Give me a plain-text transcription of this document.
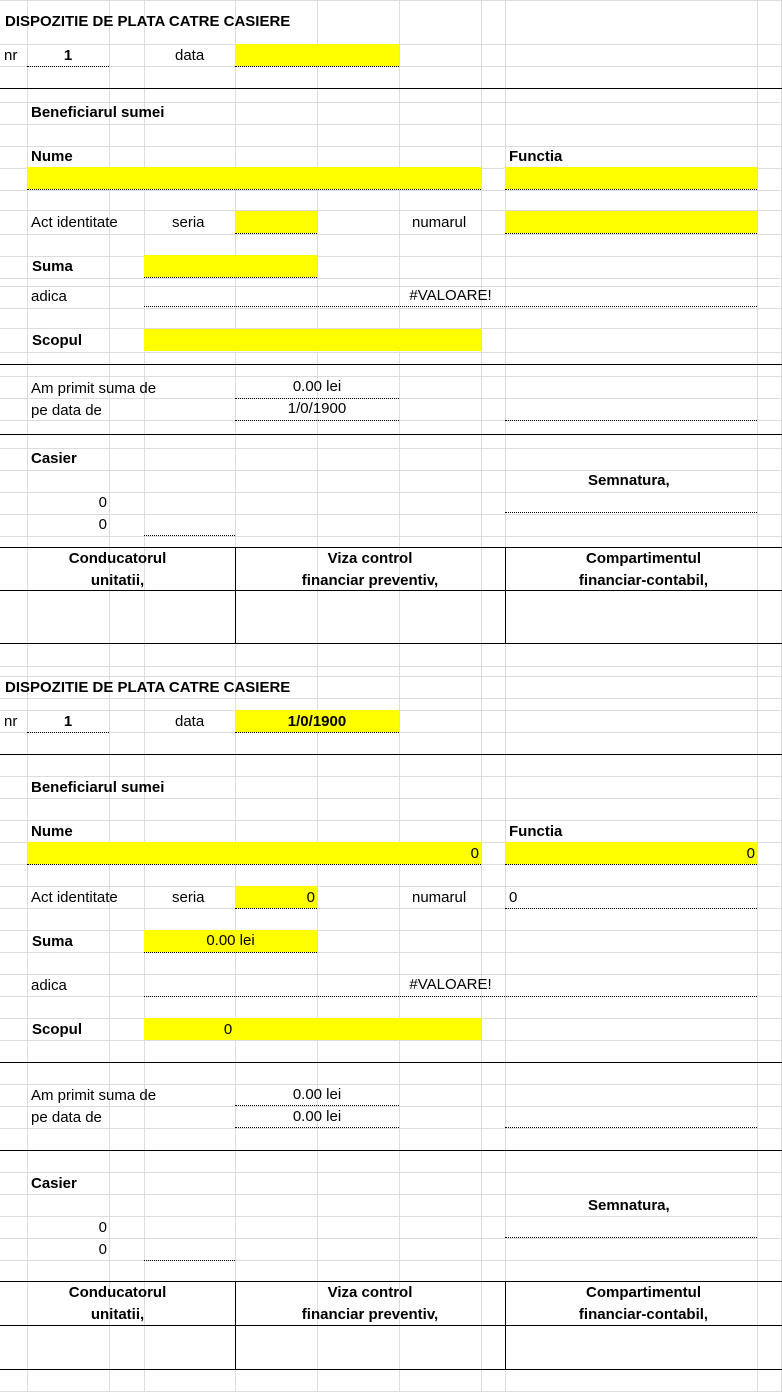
DISPOZITIE DE PLATA CATRE CASIERE
nr	1	data
Beneficiarul sumei
Nume	Functia
Act identitate	seria	numarul
Suma
adica	#VALOARE!
Scopul
Am primit suma de	0.00 lei
pe data de	1/0/1900
Casier
Semnatura,
0
0
Conducatorul
unitatii,
Viza control
financiar preventiv,
Compartimentul
financiar-contabil,
DISPOZITIE DE PLATA CATRE CASIERE
nr	1	data	1/0/1900
Beneficiarul sumei
Nume	Functia
0	0
Act identitate	seria	0	numarul	0
Suma	0.00 lei
adica	#VALOARE!
Scopul	0
Am primit suma de	0.00 lei
pe data de	0.00 lei
Casier
Semnatura,
0
0
Conducatorul
unitatii,
Viza control
financiar preventiv,
Compartimentul
financiar-contabil,
